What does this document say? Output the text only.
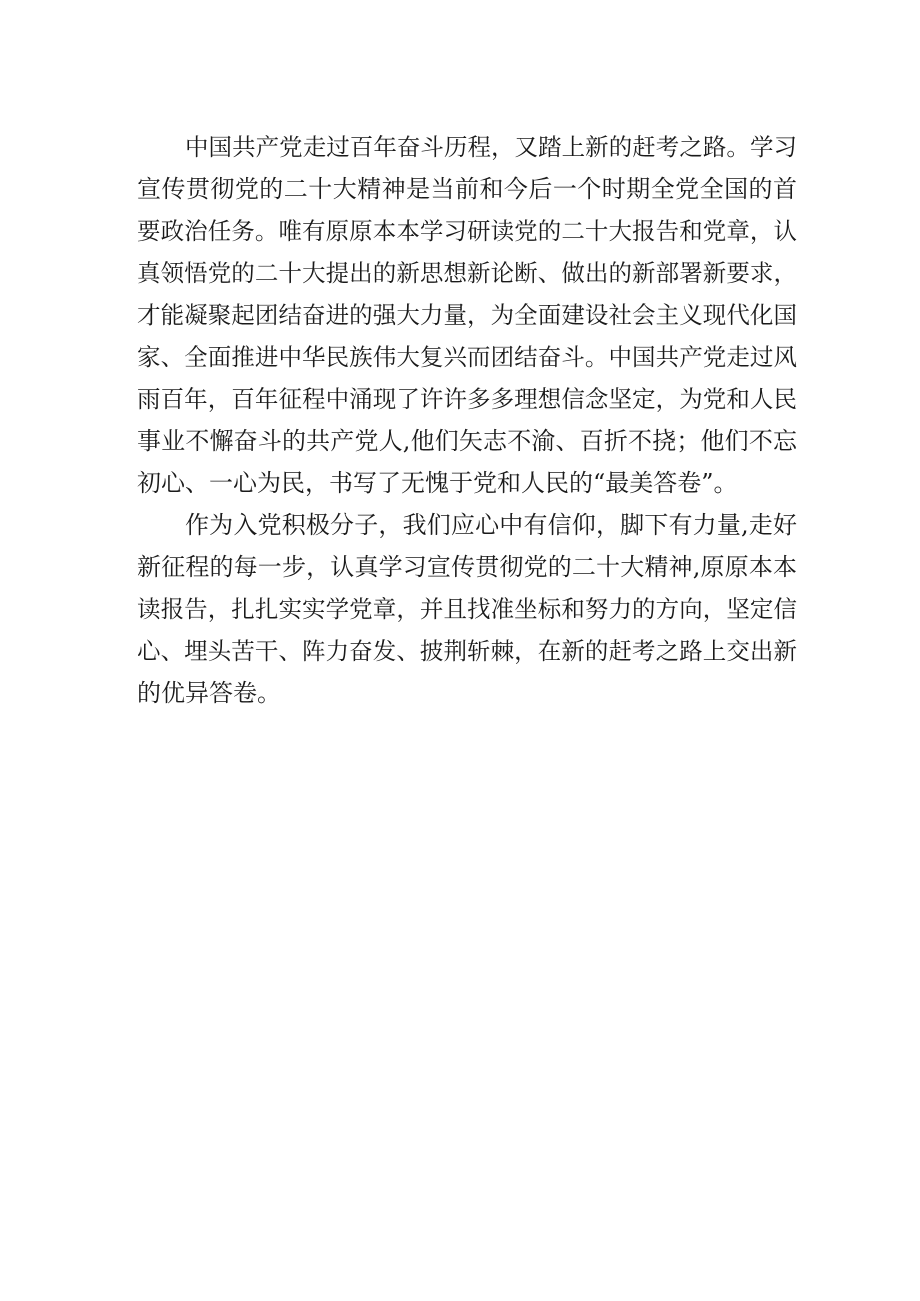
中国共产党走过百年奋斗历程，又踏上新的赶考之路。学习
宣传贯彻党的二十大精神是当前和今后一个时期全党全国的首
要政治任务。唯有原原本本学习研读党的二十大报告和党章，认
真领悟党的二十大提出的新思想新论断、做出的新部署新要求，
才能凝聚起团结奋进的强大力量，为全面建设社会主义现代化国
家、全面推进中华民族伟大复兴而团结奋斗。中国共产党走过风
雨百年，百年征程中涌现了许许多多理想信念坚定，为党和人民
事业不懈奋斗的共产党人,他们矢志不渝、百折不挠；他们不忘
初心、一心为民，书写了无愧于党和人民的“最美答卷”。
作为入党积极分子，我们应心中有信仰，脚下有力量,走好
新征程的每一步，认真学习宣传贯彻党的二十大精神,原原本本
读报告，扎扎实实学党章，并且找准坐标和努力的方向，坚定信
心、埋头苦干、阵力奋发、披荆斩棘，在新的赶考之路上交出新
的优异答卷。
